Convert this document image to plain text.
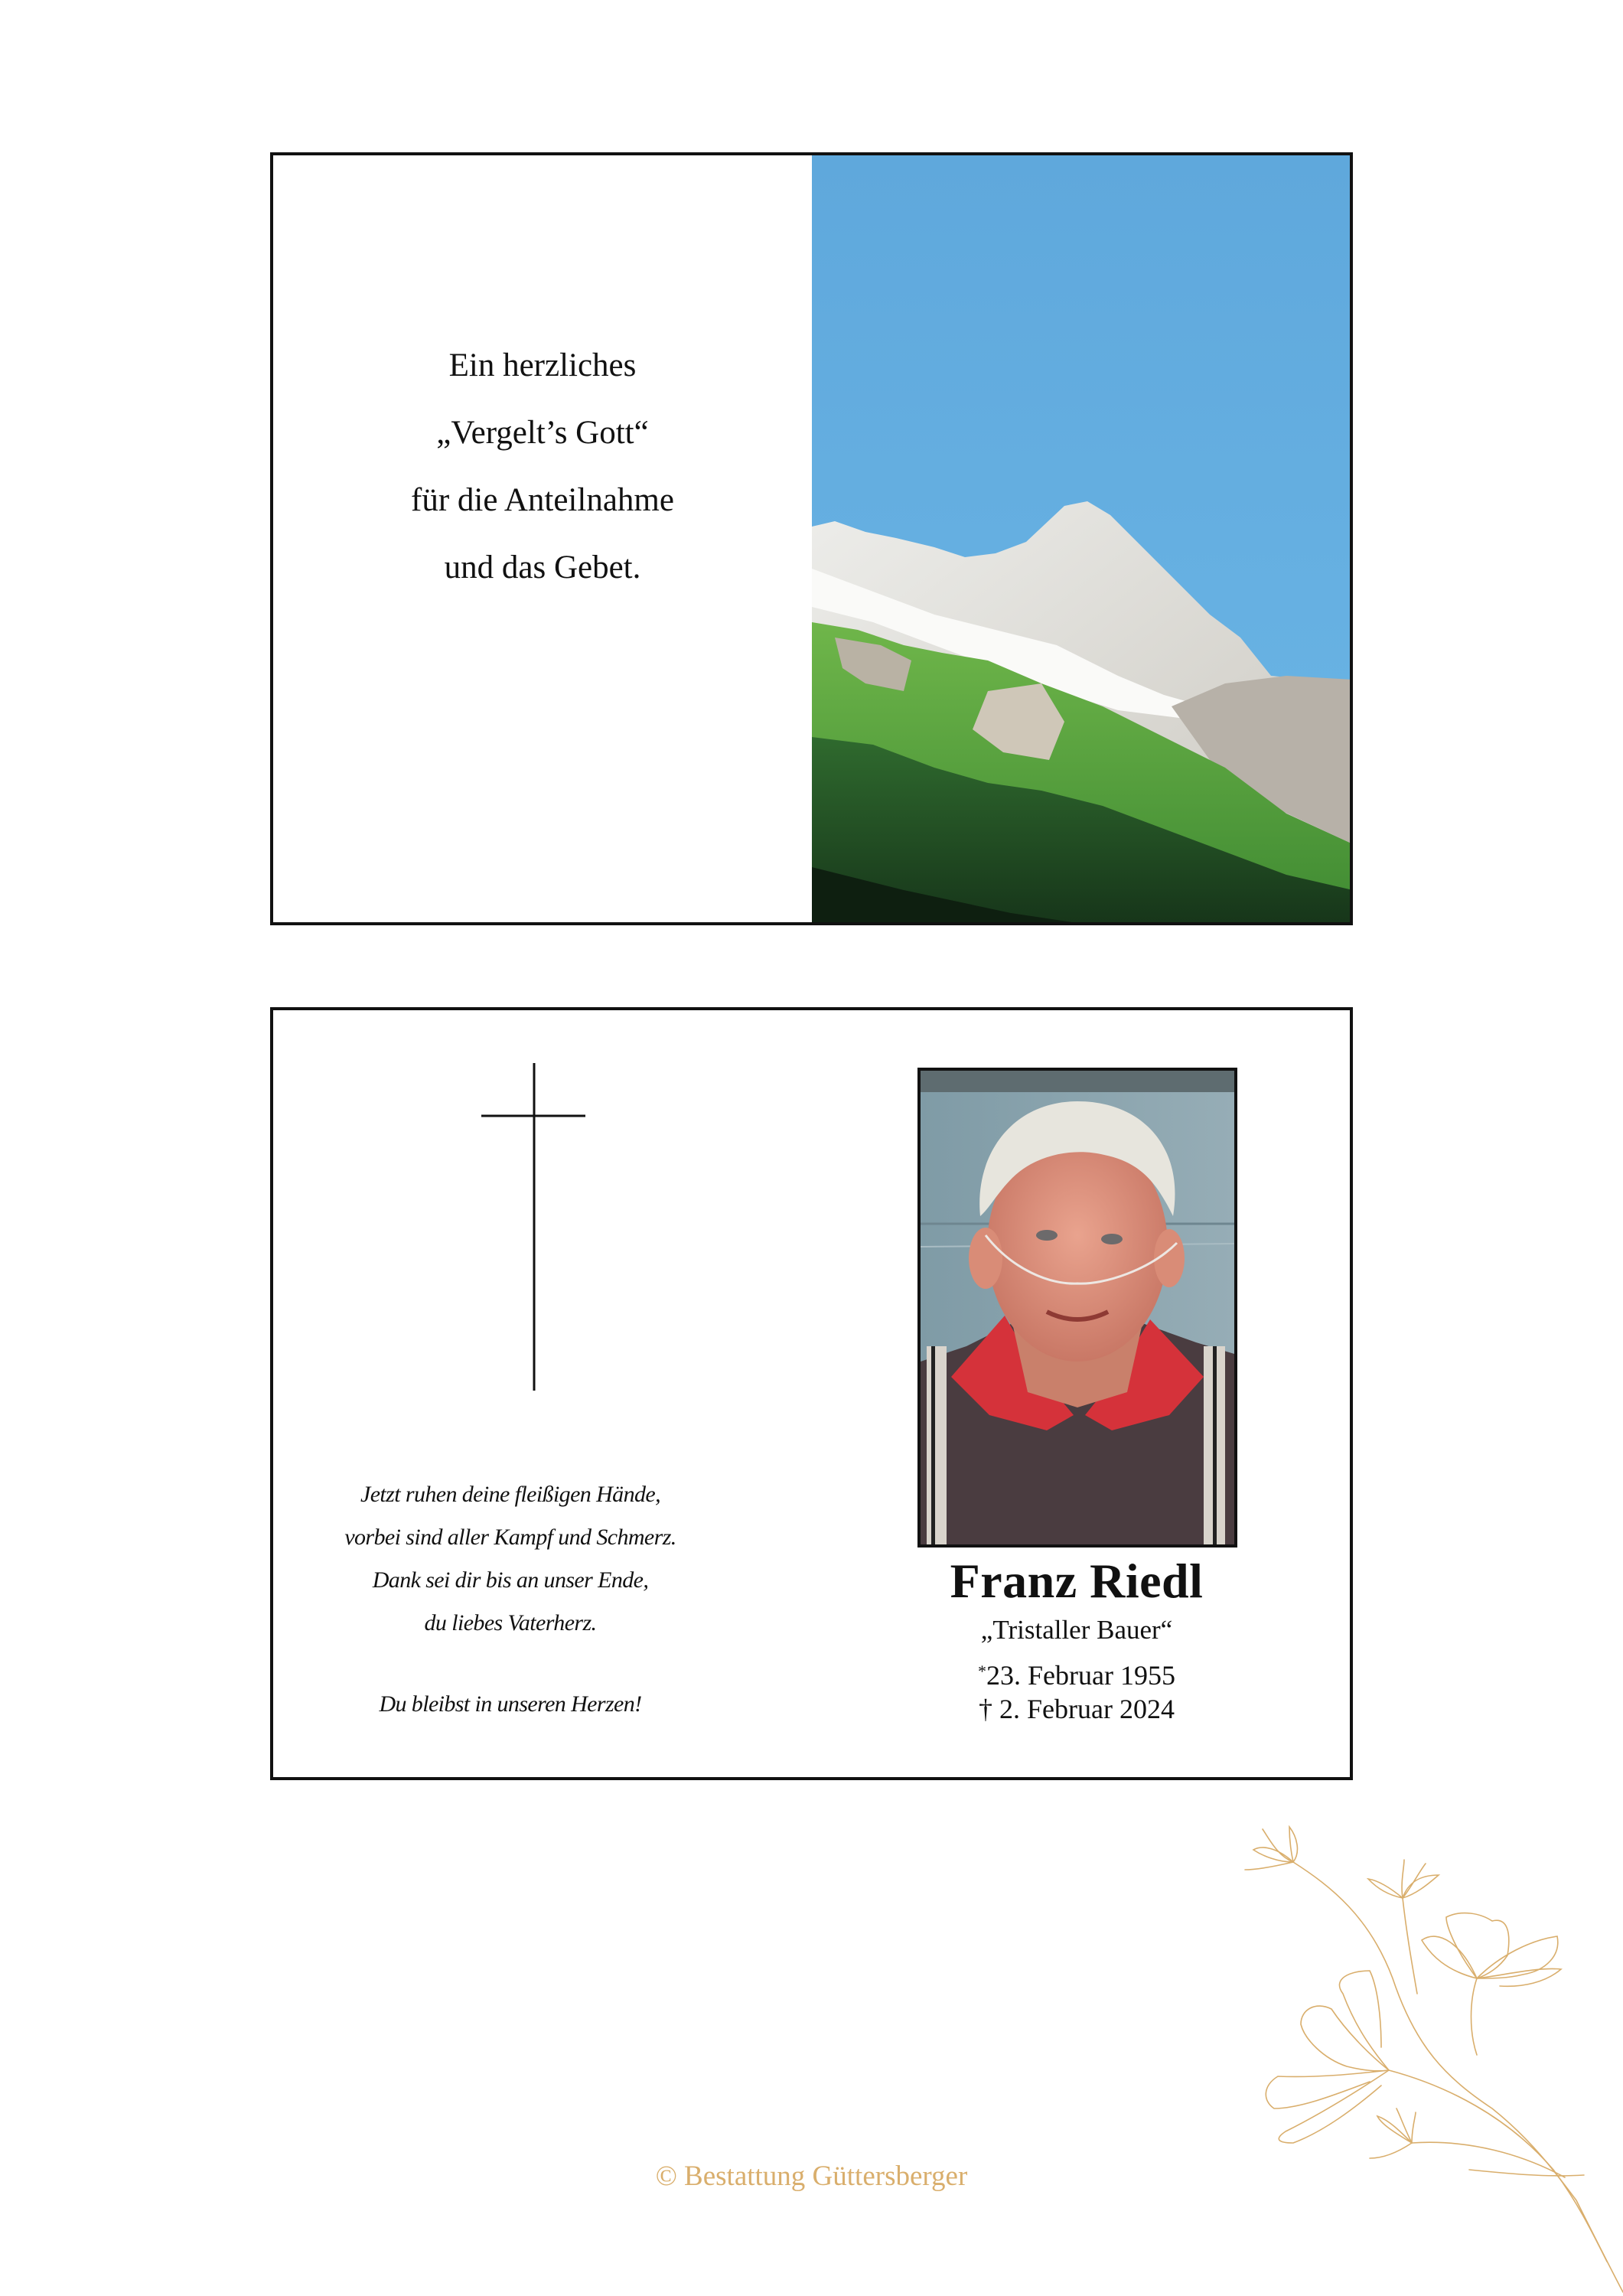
Ein herzliches
„Vergelt’s Gott“
für die Anteilnahme
und das Gebet.
Jetzt ruhen deine fleißigen Hände,
vorbei sind aller Kampf und Schmerz.
Dank sei dir bis an unser Ende,
du liebes Vaterherz.
Du bleibst in unseren Herzen!
Franz Riedl
„Tristaller Bauer“
*23. Februar 1955
† 2. Februar 2024
© Bestattung Güttersberger
